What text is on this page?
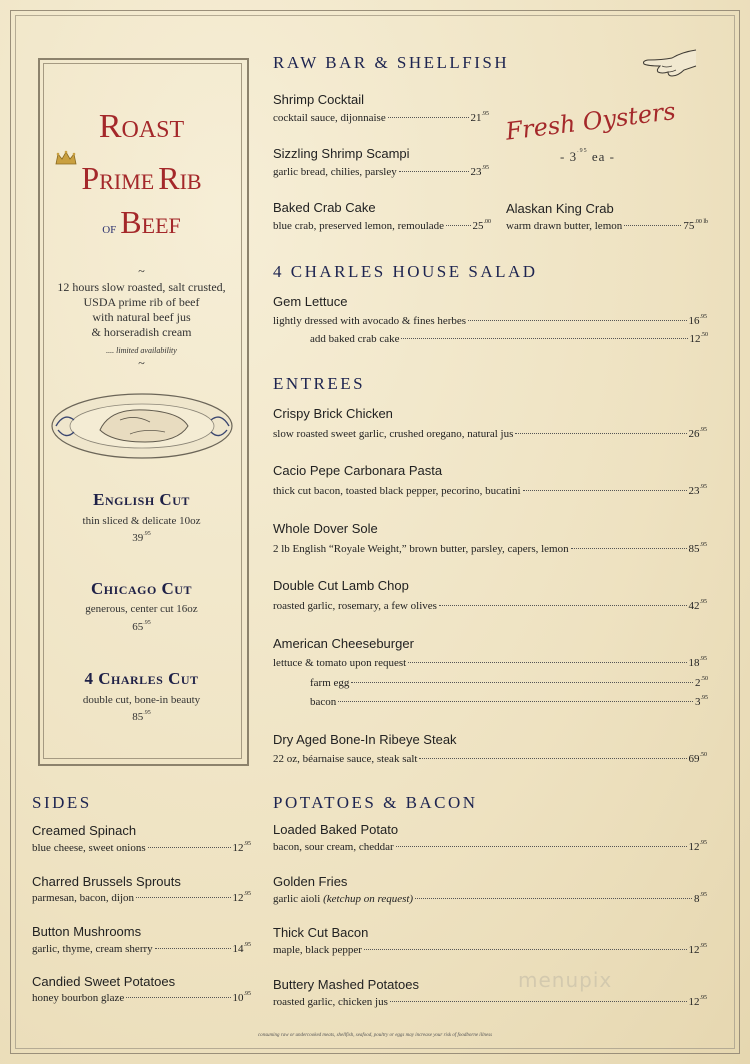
Roast
Prime Rib
of Beef
~
12 hours slow roasted, salt crusted,
USDA prime rib of beef
with natural beef jus
& horseradish cream
.... limited availability
~
English Cut
thin sliced & delicate 10oz
$39^{.95}$
Chicago Cut
generous, center cut 16oz
$65^{.95}$
4 Charles Cut
double cut, bone-in beauty
$85^{.95}$
RAW BAR & SHELLFISH
Shrimp Cocktail
cocktail sauce, dijonnaise	$21^{.95}$
Sizzling Shrimp Scampi
garlic bread, chilies, parsley	$23^{.95}$
Baked Crab Cake
blue crab, preserved lemon, remoulade	$25^{.00}$
Fresh Oysters
- $3^{.95}$ ea -
Alaskan King Crab
warm drawn butter, lemon	$75^{.00 lb}$
4 CHARLES HOUSE SALAD
Gem Lettuce
lightly dressed with avocado & fines herbes	$16^{.95}$
add baked crab cake	$12^{.50}$
ENTREES
Crispy Brick Chicken
slow roasted sweet garlic, crushed oregano, natural jus	$26^{.95}$
Cacio Pepe Carbonara Pasta
thick cut bacon, toasted black pepper, pecorino, bucatini	$23^{.95}$
Whole Dover Sole
2 lb English “Royale Weight,” brown butter, parsley, capers, lemon	$85^{.95}$
Double Cut Lamb Chop
roasted garlic, rosemary, a few olives	$42^{.95}$
American Cheeseburger
lettuce & tomato upon request	$18^{.95}$
farm egg	$2^{.50}$
bacon	$3^{.95}$
Dry Aged Bone-In Ribeye Steak
22 oz, béarnaise sauce, steak salt	$69^{.50}$
SIDES
Creamed Spinach
blue cheese, sweet onions	$12^{.95}$
Charred Brussels Sprouts
parmesan, bacon, dijon	$12^{.95}$
Button Mushrooms
garlic, thyme, cream sherry	$14^{.95}$
Candied Sweet Potatoes
honey bourbon glaze	$10^{.95}$
POTATOES & BACON
Loaded Baked Potato
bacon, sour cream, cheddar	$12^{.95}$
Golden Fries
garlic aioli (ketchup on request)	$8^{.95}$
Thick Cut Bacon
maple, black pepper	$12^{.95}$
Buttery Mashed Potatoes
roasted garlic, chicken jus	$12^{.95}$
menupix
consuming raw or undercooked meats, shellfish, seafood, poultry or eggs may increase your risk of foodborne illness
